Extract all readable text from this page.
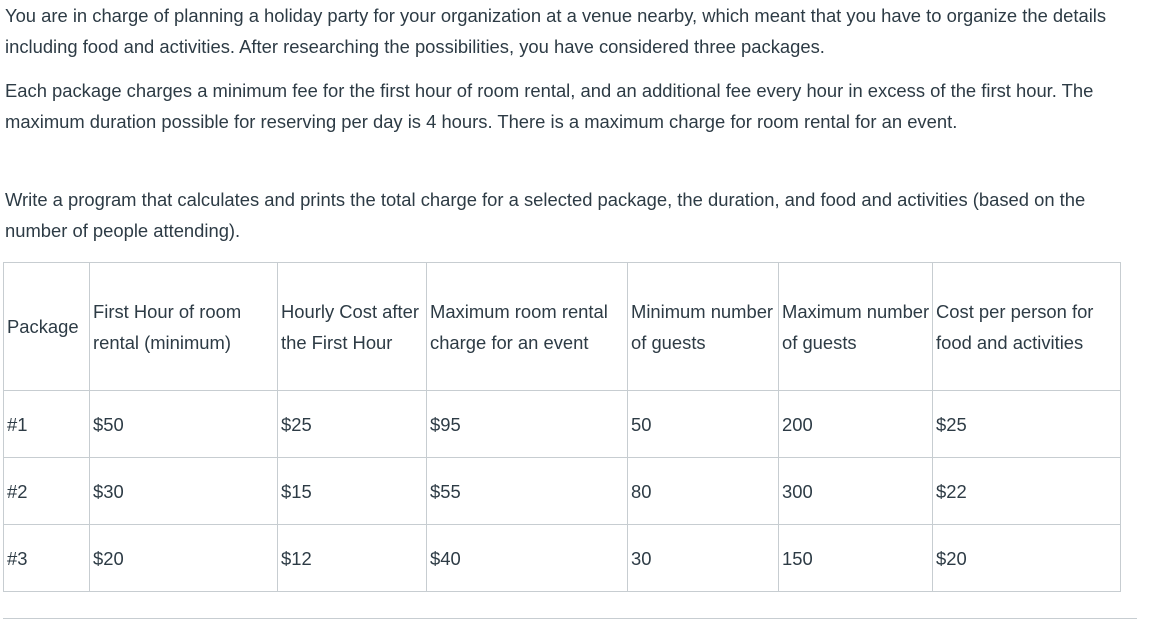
You are in charge of planning a holiday party for your organization at a venue nearby, which meant that you have to organize the details including food and activities. After researching the possibilities, you have considered three packages.

Each package charges a minimum fee for the first hour of room rental, and an additional fee every hour in excess of the first hour. The maximum duration possible for reserving per day is 4 hours. There is a maximum charge for room rental for an event.

Write a program that calculates and prints the total charge for a selected package, the duration, and food and activities (based on the number of people attending).

Package	First Hour of room rental (minimum)	Hourly Cost after the First Hour	Maximum room rental charge for an event	Minimum number of guests	Maximum number of guests	Cost per person for food and activities
#1	$50	$25	$95	50	200	$25
#2	$30	$15	$55	80	300	$22
#3	$20	$12	$40	30	150	$20
